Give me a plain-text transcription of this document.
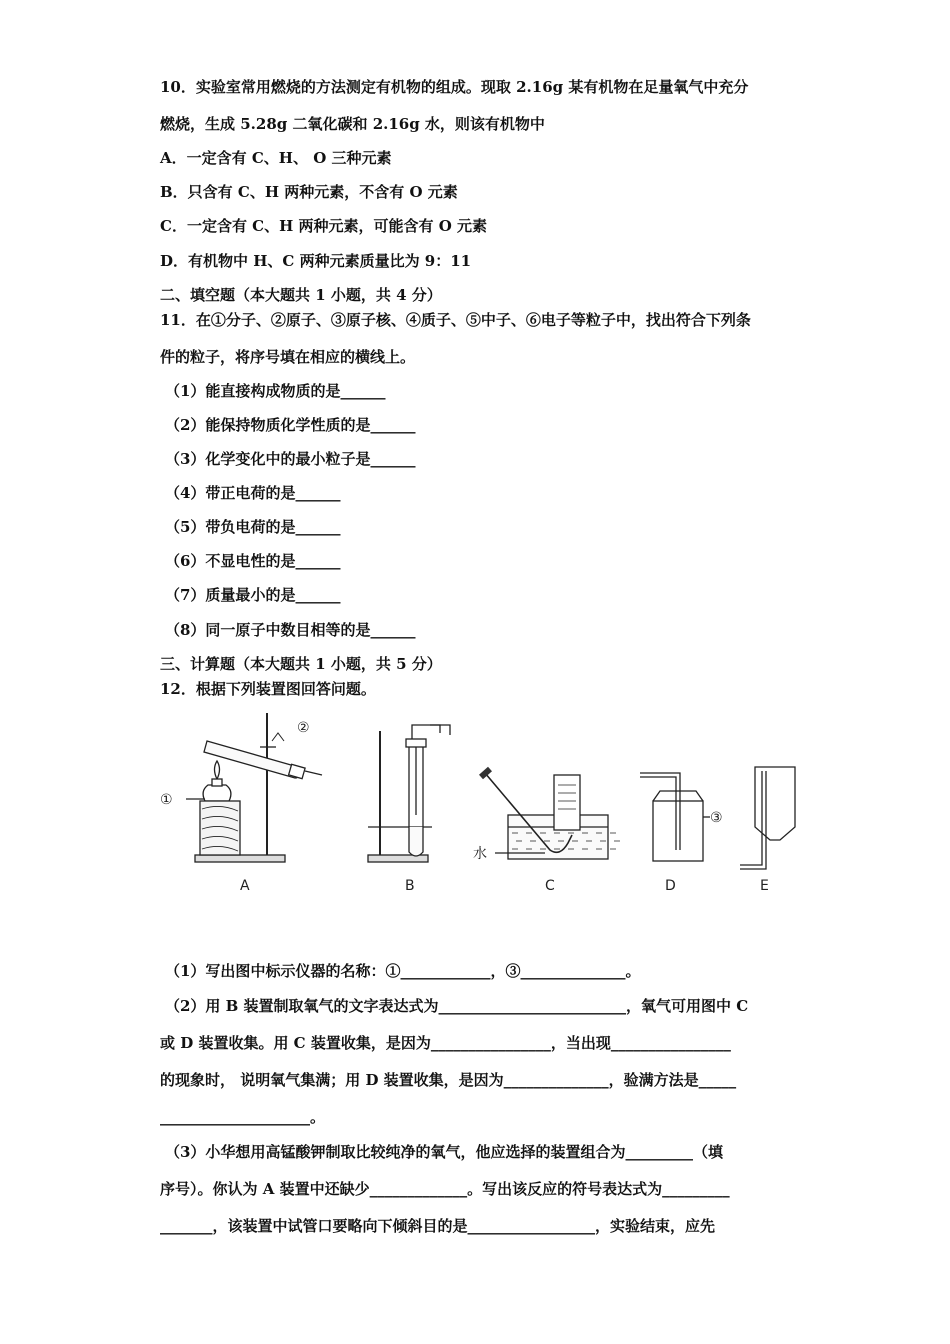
10．实验室常用燃烧的方法测定有机物的组成。现取 2.16g 某有机物在足量氧气中充分
燃烧，生成 5.28g 二氧化碳和 2.16g 水，则该有机物中
A．一定含有 C、H、 O 三种元素
B．只含有 C、H 两种元素，不含有 O 元素
C．一定含有 C、H 两种元素，可能含有 O 元素
D．有机物中 H、C 两种元素质量比为 9：11
二、填空题（本大题共 1 小题，共 4 分）
11．在①分子、②原子、③原子核、④质子、⑤中子、⑥电子等粒子中，找出符合下列条
件的粒子，将序号填在相应的横线上。
（1）能直接构成物质的是______
（2）能保持物质化学性质的是______
（3）化学变化中的最小粒子是______
（4）带正电荷的是______
（5）带负电荷的是______
（6）不显电性的是______
（7）质量最小的是______
（8）同一原子中数目相等的是______
三、计算题（本大题共 1 小题，共 5 分）
12．根据下列装置图回答问题。
A	B	C	D	E
①
②
③
水
（1）写出图中标示仪器的名称：①____________，③______________。
（2）用 B 装置制取氧气的文字表达式为_________________________，氧气可用图中 C
或 D 装置收集。用 C 装置收集，是因为________________，当出现________________
的现象时， 说明氧气集满；用 D 装置收集，是因为______________，验满方法是_____
____________________。
（3）小华想用高锰酸钾制取比较纯净的氧气，他应选择的装置组合为_________（填
序号）。你认为 A 装置中还缺少_____________。写出该反应的符号表达式为_________
_______，该装置中试管口要略向下倾斜目的是_________________，实验结束，应先
